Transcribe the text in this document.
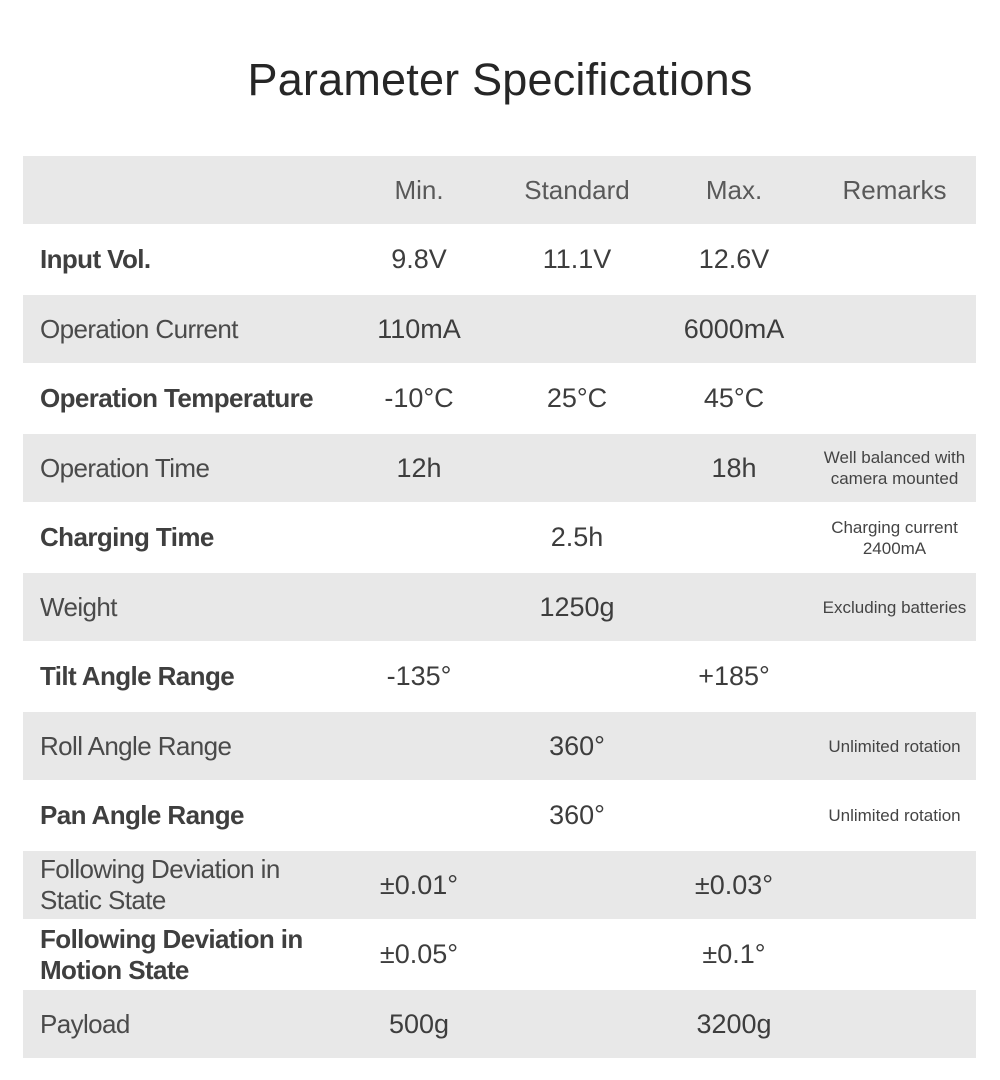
Parameter Specifications
	Min.	Standard	Max.	Remarks
Input Vol.	9.8V	11.1V	12.6V	
Operation Current	110mA		6000mA	
Operation Temperature	-10°C	25°C	45°C	
Operation Time	12h		18h	Well balanced with
camera mounted
Charging Time		2.5h		Charging current
2400mA
Weight		1250g		Excluding batteries
Tilt Angle Range	-135°		+185°	
Roll Angle Range		360°		Unlimited rotation
Pan Angle Range		360°		Unlimited rotation
Following Deviation in
Static State	±0.01°		±0.03°	
Following Deviation in
Motion State	±0.05°		±0.1°	
Payload	500g		3200g	
